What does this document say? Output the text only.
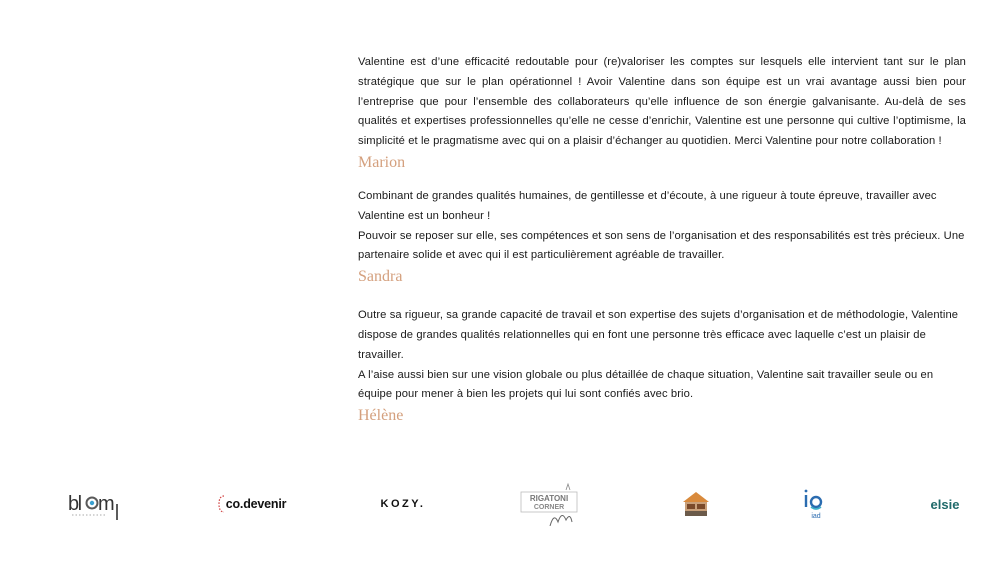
Valentine est d’une efficacité redoutable pour (re)valoriser les comptes sur lesquels elle intervient tant sur le plan stratégique que sur le plan opérationnel ! Avoir Valentine dans son équipe est un vrai avantage aussi bien pour l’entreprise que pour l’ensemble des collaborateurs qu’elle influence de son énergie galvanisante. Au-delà de ses qualités et expertises professionnelles qu’elle ne cesse d’enrichir, Valentine est une personne qui cultive l’optimisme, la simplicité et le pragmatisme avec qui on a plaisir d’échanger au quotidien. Merci Valentine pour notre collaboration !

Marion

Combinant de grandes qualités humaines, de gentillesse et d’écoute, à une rigueur à toute épreuve, travailler avec Valentine est un bonheur !

Pouvoir se reposer sur elle, ses compétences et son sens de l’organisation et des responsabilités est très précieux. Une partenaire solide et avec qui il est particulièrement agréable de travailler.

Sandra

Outre sa rigueur, sa grande capacité de travail et son expertise des sujets d’organisation et de méthodologie, Valentine dispose de grandes qualités relationnelles qui en font une personne très efficace avec laquelle c’est un plaisir de travailler.

A l’aise aussi bien sur une vision globale ou plus détaillée de chaque situation, Valentine sait travailler seule ou en équipe pour mener à bien les projets qui lui sont confiés avec brio.

Hélène
bl m	co.devenir	KOZY.	RIGATONI
CORNER
iad
elsie
